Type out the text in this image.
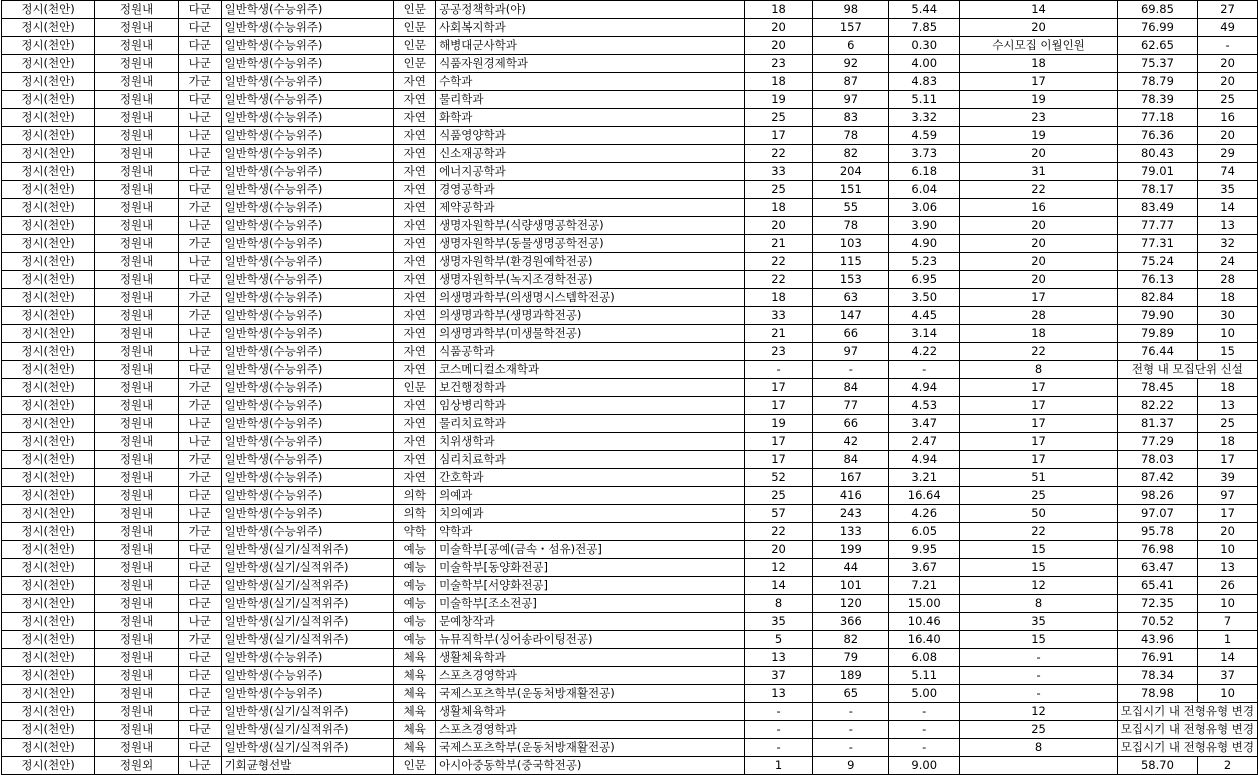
정시(천안)	정원내	다군	일반학생(수능위주)	인문	공공정책학과(야)	18	98	5.44	14	69.85	27
정시(천안)	정원내	다군	일반학생(수능위주)	인문	사회복지학과	20	157	7.85	20	76.99	49
정시(천안)	정원내	다군	일반학생(수능위주)	인문	해병대군사학과	20	6	0.30	수시모집 이월인원	62.65	-
정시(천안)	정원내	나군	일반학생(수능위주)	인문	식품자원경제학과	23	92	4.00	18	75.37	20
정시(천안)	정원내	가군	일반학생(수능위주)	자연	수학과	18	87	4.83	17	78.79	20
정시(천안)	정원내	다군	일반학생(수능위주)	자연	물리학과	19	97	5.11	19	78.39	25
정시(천안)	정원내	나군	일반학생(수능위주)	자연	화학과	25	83	3.32	23	77.18	16
정시(천안)	정원내	나군	일반학생(수능위주)	자연	식품영양학과	17	78	4.59	19	76.36	20
정시(천안)	정원내	나군	일반학생(수능위주)	자연	신소재공학과	22	82	3.73	20	80.43	29
정시(천안)	정원내	다군	일반학생(수능위주)	자연	에너지공학과	33	204	6.18	31	79.01	74
정시(천안)	정원내	다군	일반학생(수능위주)	자연	경영공학과	25	151	6.04	22	78.17	35
정시(천안)	정원내	가군	일반학생(수능위주)	자연	제약공학과	18	55	3.06	16	83.49	14
정시(천안)	정원내	나군	일반학생(수능위주)	자연	생명자원학부(식량생명공학전공)	20	78	3.90	20	77.77	13
정시(천안)	정원내	가군	일반학생(수능위주)	자연	생명자원학부(동물생명공학전공)	21	103	4.90	20	77.31	32
정시(천안)	정원내	나군	일반학생(수능위주)	자연	생명자원학부(환경원예학전공)	22	115	5.23	20	75.24	24
정시(천안)	정원내	다군	일반학생(수능위주)	자연	생명자원학부(녹지조경학전공)	22	153	6.95	20	76.13	28
정시(천안)	정원내	가군	일반학생(수능위주)	자연	의생명과학부(의생명시스템학전공)	18	63	3.50	17	82.84	18
정시(천안)	정원내	가군	일반학생(수능위주)	자연	의생명과학부(생명과학전공)	33	147	4.45	28	79.90	30
정시(천안)	정원내	나군	일반학생(수능위주)	자연	의생명과학부(미생물학전공)	21	66	3.14	18	79.89	10
정시(천안)	정원내	나군	일반학생(수능위주)	자연	식품공학과	23	97	4.22	22	76.44	15
정시(천안)	정원내	다군	일반학생(수능위주)	자연	코스메디컬소재학과	-	-	-	8	전형 내 모집단위 신설	
정시(천안)	정원내	가군	일반학생(수능위주)	인문	보건행정학과	17	84	4.94	17	78.45	18
정시(천안)	정원내	가군	일반학생(수능위주)	자연	임상병리학과	17	77	4.53	17	82.22	13
정시(천안)	정원내	나군	일반학생(수능위주)	자연	물리치료학과	19	66	3.47	17	81.37	25
정시(천안)	정원내	나군	일반학생(수능위주)	자연	치위생학과	17	42	2.47	17	77.29	18
정시(천안)	정원내	가군	일반학생(수능위주)	자연	심리치료학과	17	84	4.94	17	78.03	17
정시(천안)	정원내	가군	일반학생(수능위주)	자연	간호학과	52	167	3.21	51	87.42	39
정시(천안)	정원내	다군	일반학생(수능위주)	의학	의예과	25	416	16.64	25	98.26	97
정시(천안)	정원내	나군	일반학생(수능위주)	의학	치의예과	57	243	4.26	50	97.07	17
정시(천안)	정원내	가군	일반학생(수능위주)	약학	약학과	22	133	6.05	22	95.78	20
정시(천안)	정원내	다군	일반학생(실기/실적위주)	예능	미술학부[공예(금속・섬유)전공]	20	199	9.95	15	76.98	10
정시(천안)	정원내	다군	일반학생(실기/실적위주)	예능	미술학부[동양화전공]	12	44	3.67	15	63.47	13
정시(천안)	정원내	다군	일반학생(실기/실적위주)	예능	미술학부[서양화전공]	14	101	7.21	12	65.41	26
정시(천안)	정원내	다군	일반학생(실기/실적위주)	예능	미술학부[조소전공]	8	120	15.00	8	72.35	10
정시(천안)	정원내	나군	일반학생(실기/실적위주)	예능	문예창작과	35	366	10.46	35	70.52	7
정시(천안)	정원내	가군	일반학생(실기/실적위주)	예능	뉴뮤직학부(싱어송라이팅전공)	5	82	16.40	15	43.96	1
정시(천안)	정원내	다군	일반학생(수능위주)	체육	생활체육학과	13	79	6.08	-	76.91	14
정시(천안)	정원내	다군	일반학생(수능위주)	체육	스포츠경영학과	37	189	5.11	-	78.34	37
정시(천안)	정원내	다군	일반학생(수능위주)	체육	국제스포츠학부(운동처방재활전공)	13	65	5.00	-	78.98	10
정시(천안)	정원내	다군	일반학생(실기/실적위주)	체육	생활체육학과	-	-	-	12	모집시기 내 전형유형 변경	
정시(천안)	정원내	다군	일반학생(실기/실적위주)	체육	스포츠경영학과	-	-	-	25	모집시기 내 전형유형 변경	
정시(천안)	정원내	다군	일반학생(실기/실적위주)	체육	국제스포츠학부(운동처방재활전공)	-	-	-	8	모집시기 내 전형유형 변경	
정시(천안)	정원외	나군	기회균형선발	인문	아시아중동학부(중국학전공)	1	9	9.00		58.70	2
